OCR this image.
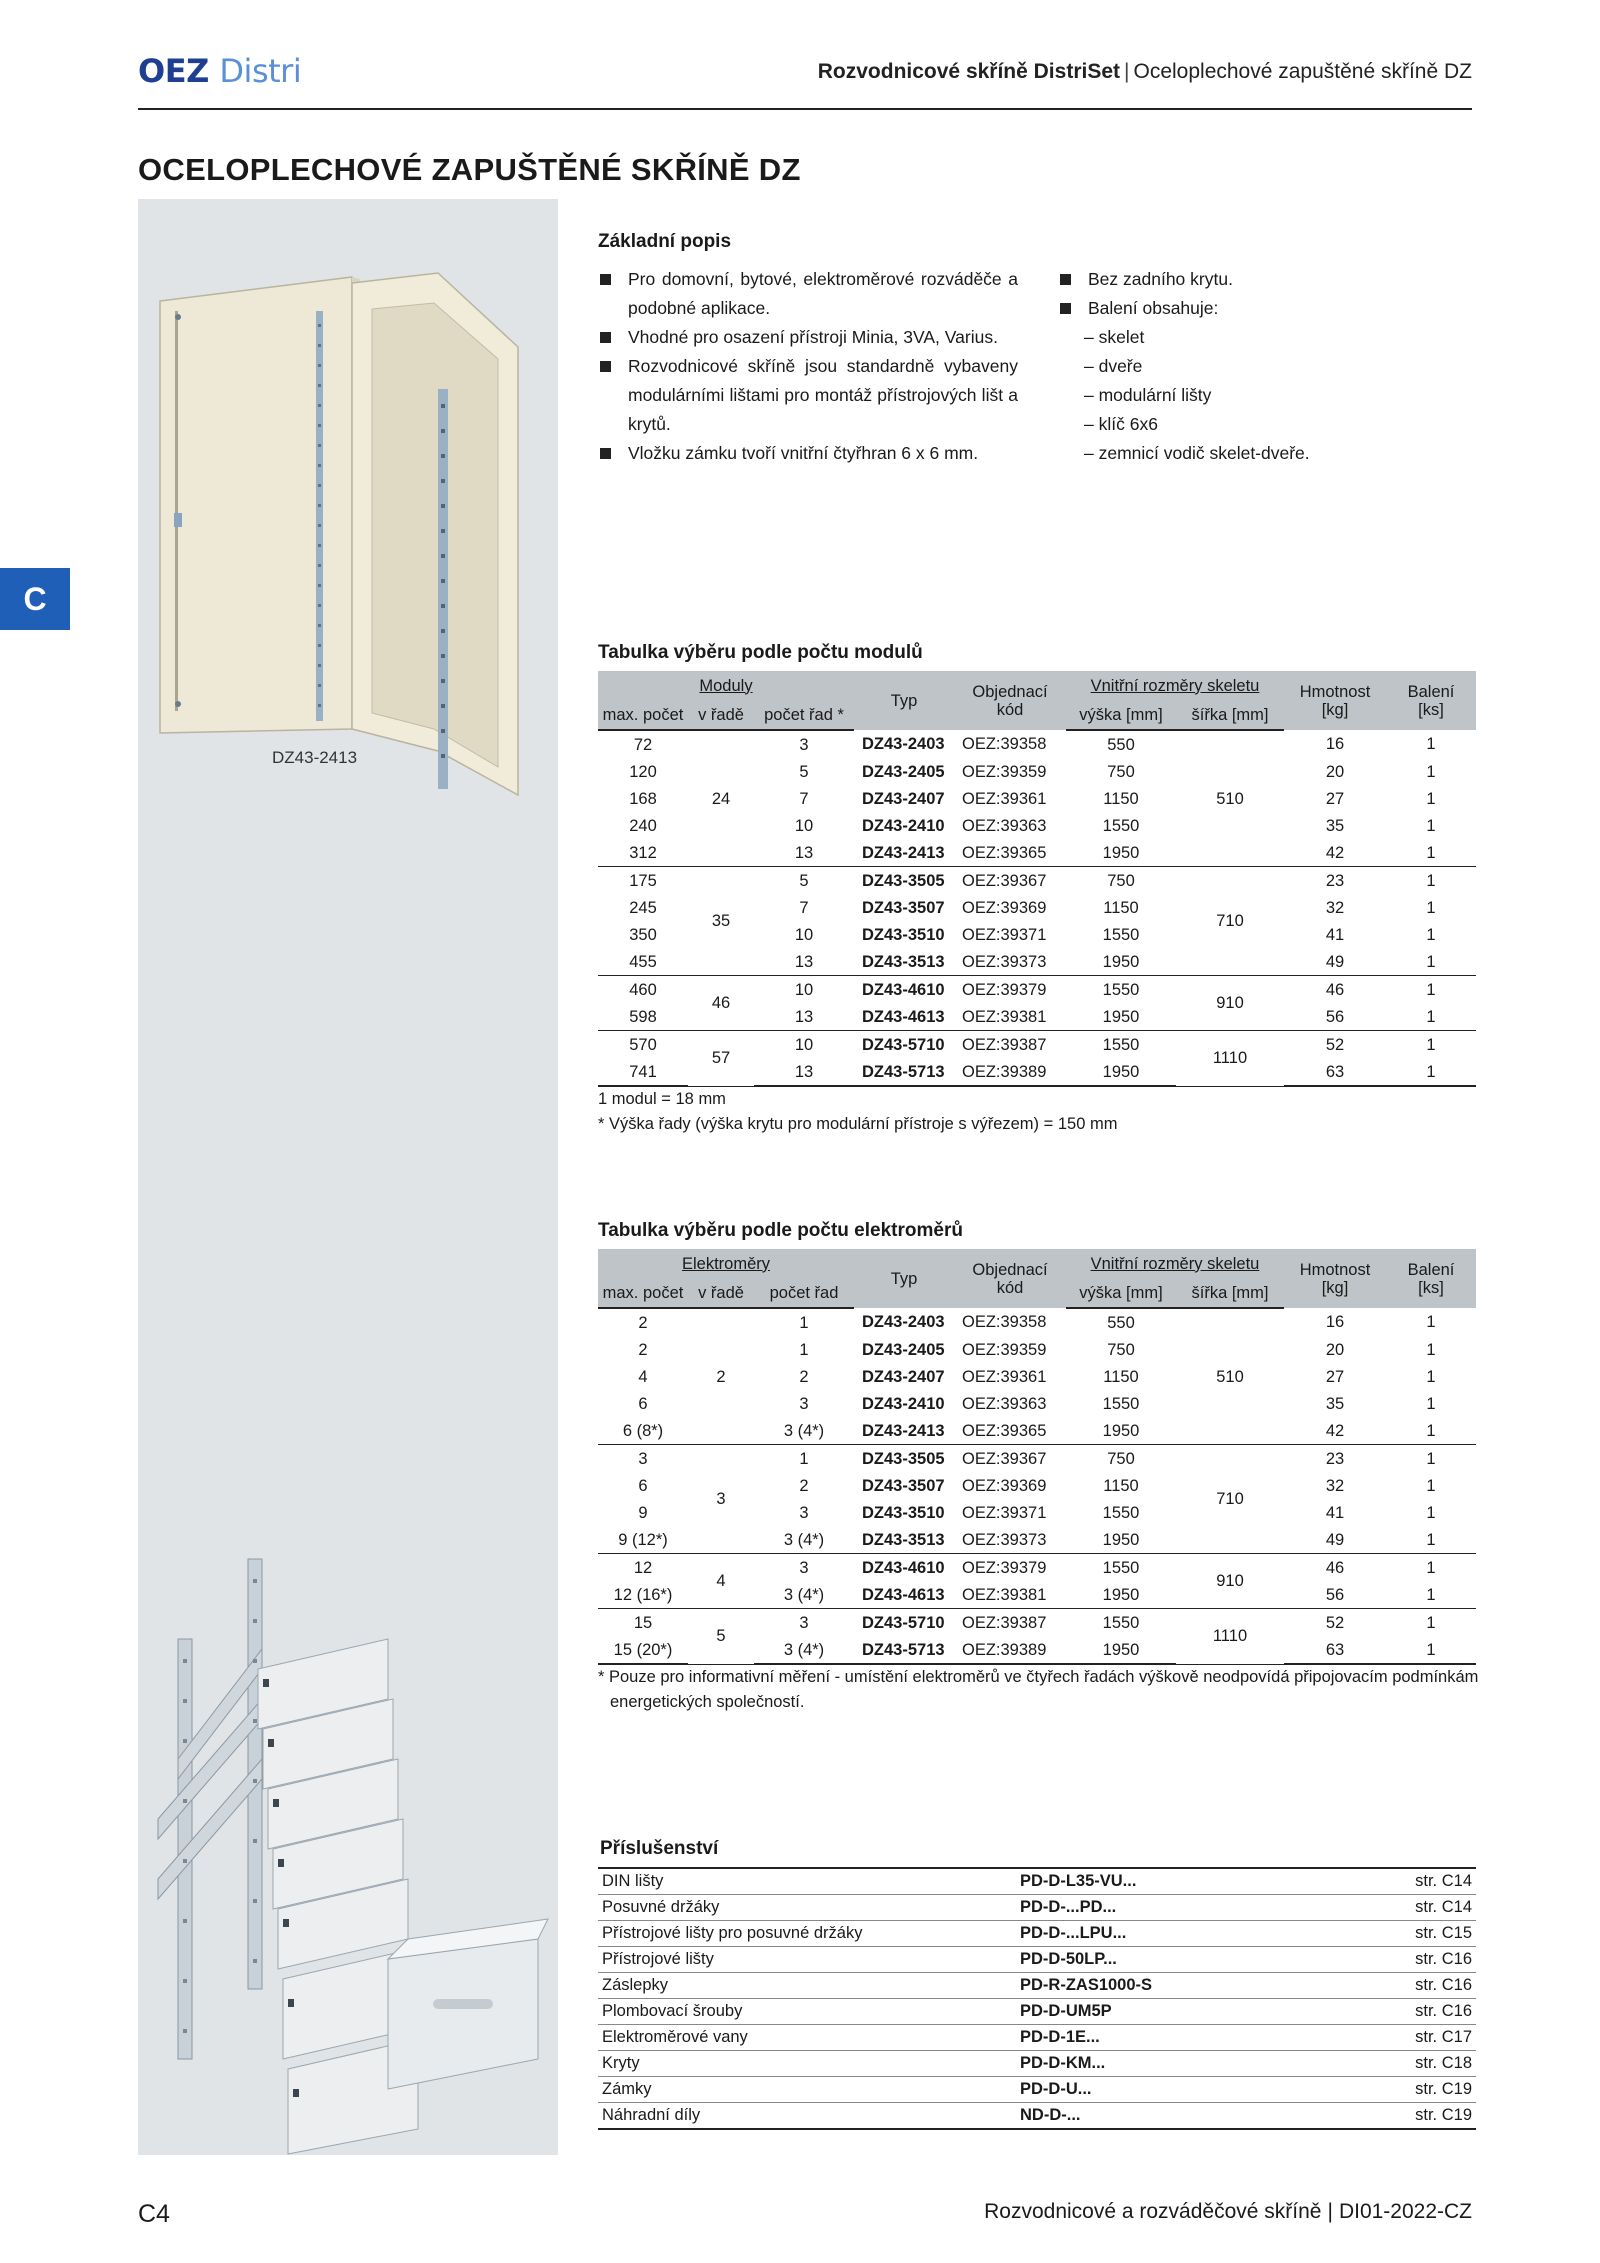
OEZ Distri	Rozvodnicové skříně DistriSet | Oceloplechové zapuštěné skříně DZ
OCELOPLECHOVÉ ZAPUŠTĚNÉ SKŘÍNĚ DZ
C
DZ43-2413
Základní popis
Pro domovní, bytové, elektroměrové rozváděče a podobné aplikace.
Vhodné pro osazení přístroji Minia, 3VA, Varius.
Rozvodnicové skříně jsou standardně vybaveny modulárními lištami pro montáž přístrojových lišt a krytů.
Vložku zámku tvoří vnitřní čtyřhran 6 x 6 mm.
Bez zadního krytu.
Balení obsahuje:
– skelet
– dveře
– modulární lišty
– klíč 6x6
– zemnicí vodič skelet-dveře.
Tabulka výběru podle počtu modulů
Moduly			Typ	Objednací
kód	Vnitřní rozměry skeletu		Hmotnost
[kg]	Balení
[ks]
max. počet	v řadě	počet řad *			výška [mm]	šířka [mm]		
72	24	3	DZ43-2403	OEZ:39358	550	510	16	1
120		5	DZ43-2405	OEZ:39359	750		20	1
168		7	DZ43-2407	OEZ:39361	1150		27	1
240		10	DZ43-2410	OEZ:39363	1550		35	1
312		13	DZ43-2413	OEZ:39365	1950		42	1
175	35	5	DZ43-3505	OEZ:39367	750	710	23	1
245		7	DZ43-3507	OEZ:39369	1150		32	1
350		10	DZ43-3510	OEZ:39371	1550		41	1
455		13	DZ43-3513	OEZ:39373	1950		49	1
460	46	10	DZ43-4610	OEZ:39379	1550	910	46	1
598		13	DZ43-4613	OEZ:39381	1950		56	1
570	57	10	DZ43-5710	OEZ:39387	1550	1110	52	1
741		13	DZ43-5713	OEZ:39389	1950		63	1
1 modul = 18 mm
* Výška řady (výška krytu pro modulární přístroje s výřezem) = 150 mm
Tabulka výběru podle počtu elektroměrů
Elektroměry			Typ	Objednací
kód	Vnitřní rozměry skeletu		Hmotnost
[kg]	Balení
[ks]
max. počet	v řadě	počet řad			výška [mm]	šířka [mm]		
2	2	1	DZ43-2403	OEZ:39358	550	510	16	1
2		1	DZ43-2405	OEZ:39359	750		20	1
4		2	DZ43-2407	OEZ:39361	1150		27	1
6		3	DZ43-2410	OEZ:39363	1550		35	1
6 (8*)		3 (4*)	DZ43-2413	OEZ:39365	1950		42	1
3	3	1	DZ43-3505	OEZ:39367	750	710	23	1
6		2	DZ43-3507	OEZ:39369	1150		32	1
9		3	DZ43-3510	OEZ:39371	1550		41	1
9 (12*)		3 (4*)	DZ43-3513	OEZ:39373	1950		49	1
12	4	3	DZ43-4610	OEZ:39379	1550	910	46	1
12 (16*)		3 (4*)	DZ43-4613	OEZ:39381	1950		56	1
15	5	3	DZ43-5710	OEZ:39387	1550	1110	52	1
15 (20*)		3 (4*)	DZ43-5713	OEZ:39389	1950		63	1
* Pouze pro informativní měření - umístění elektroměrů ve čtyřech řadách výškově neodpovídá připojovacím podmínkám
energetických společností.
Příslušenství
DIN lišty	PD-D-L35-VU...	str. C14
Posuvné držáky	PD-D-...PD...	str. C14
Přístrojové lišty pro posuvné držáky	PD-D-...LPU...	str. C15
Přístrojové lišty	PD-D-50LP...	str. C16
Záslepky	PD-R-ZAS1000-S	str. C16
Plombovací šrouby	PD-D-UM5P	str. C16
Elektroměrové vany	PD-D-1E...	str. C17
Kryty	PD-D-KM...	str. C18
Zámky	PD-D-U...	str. C19
Náhradní díly	ND-D-...	str. C19
C4	Rozvodnicové a rozváděčové skříně | DI01-2022-CZ
